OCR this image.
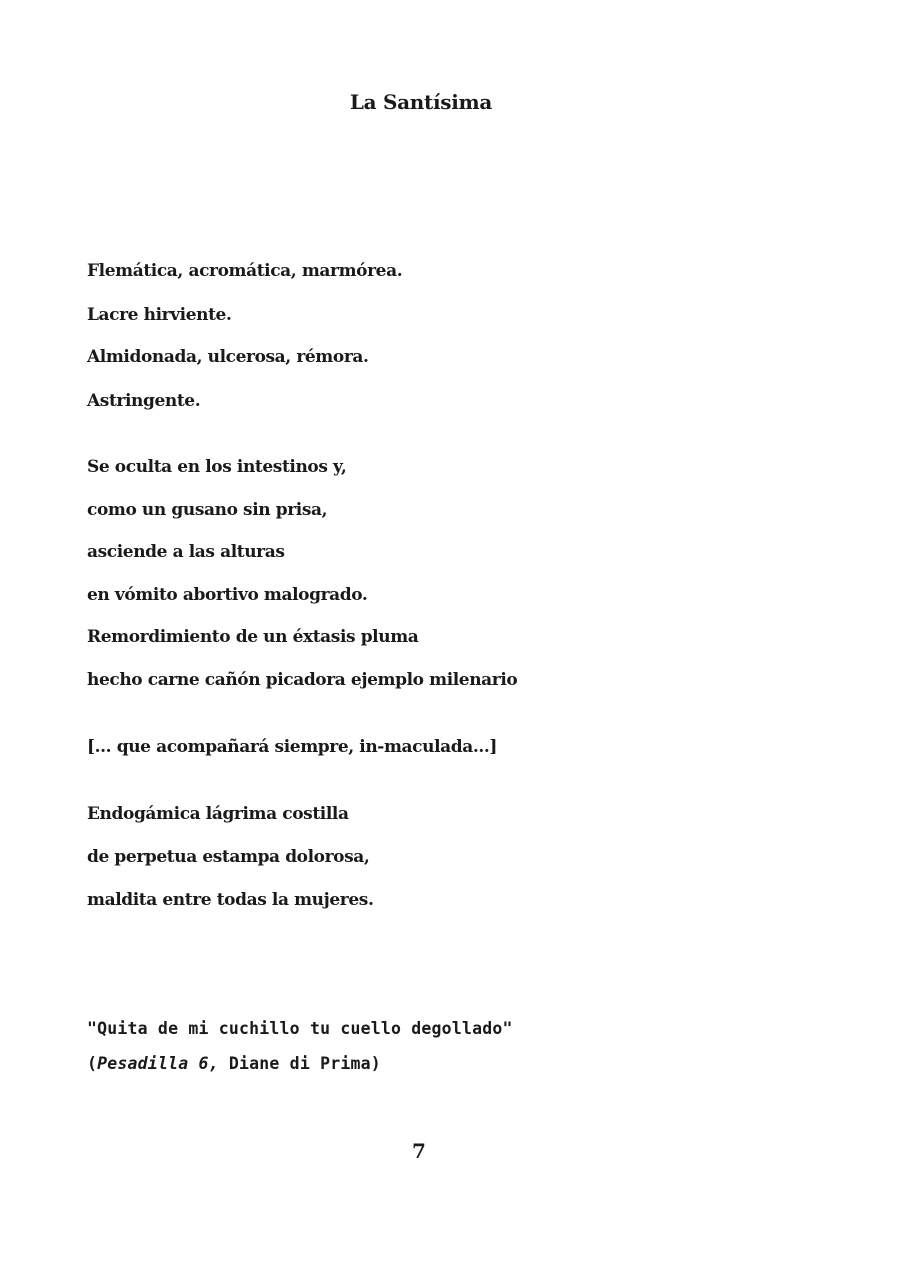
La Santísima
Flemática, acromática, marmórea.
Lacre hirviente.
Almidonada, ulcerosa, rémora.
Astringente.
Se oculta en los intestinos y,
como un gusano sin prisa,
asciende a las alturas
en vómito abortivo malogrado.
Remordimiento de un éxtasis pluma
hecho carne cañón picadora ejemplo milenario
[... que acompañará siempre, in-maculada...]
Endogámica lágrima costilla
de perpetua estampa dolorosa,
maldita entre todas la mujeres.
"Quita de mi cuchillo tu cuello degollado"
(Pesadilla 6, Diane di Prima)
7
